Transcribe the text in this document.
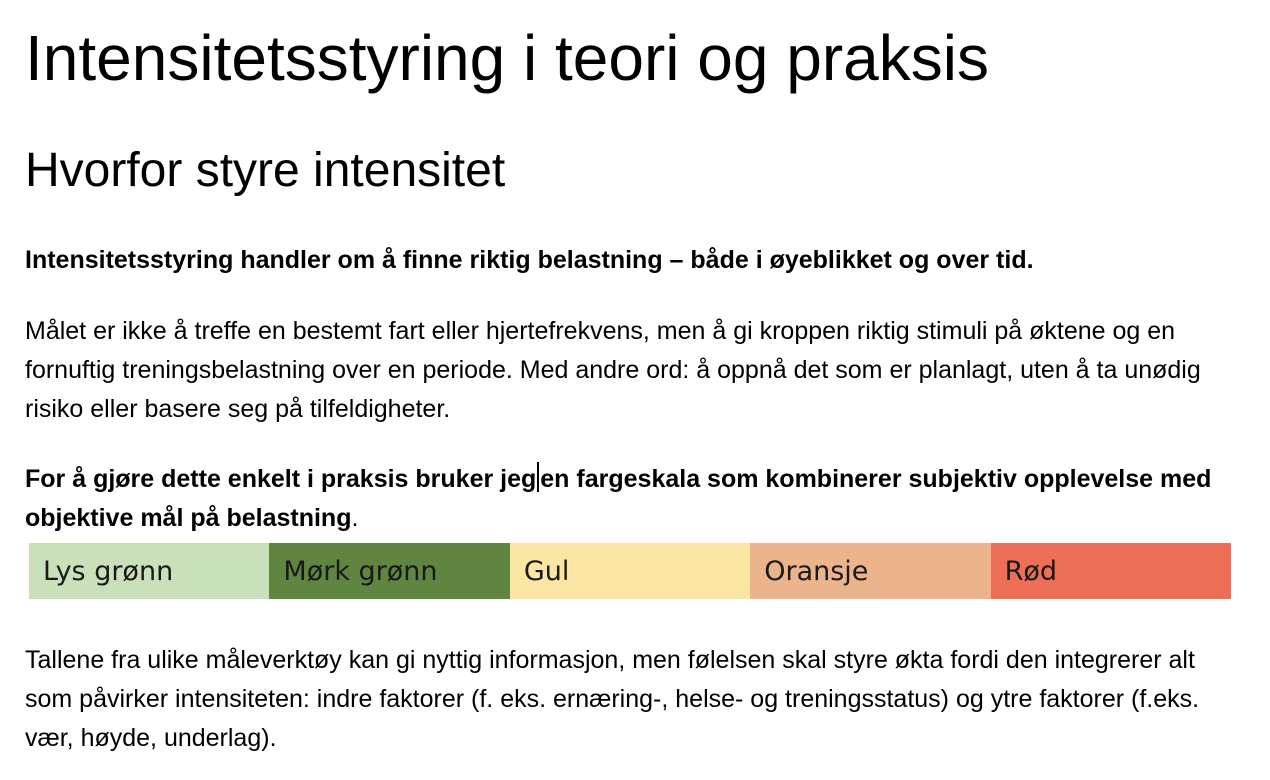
Intensitetsstyring i teori og praksis
Hvorfor styre intensitet

Intensitetsstyring handler om å finne riktig belastning – både i øyeblikket og over tid.

Målet er ikke å treffe en bestemt fart eller hjertefrekvens, men å gi kroppen riktig stimuli på øktene og en fornuftig treningsbelastning over en periode. Med andre ord: å oppnå det som er planlagt, uten å ta unødig risiko eller basere seg på tilfeldigheter.

For å gjøre dette enkelt i praksis bruker jeg en fargeskala som kombinerer subjektiv opplevelse med objektive mål på belastning.

Lys grønn	Mørk grønn	Gul	Oransje	Rød

Tallene fra ulike måleverktøy kan gi nyttig informasjon, men følelsen skal styre økta fordi den integrerer alt som påvirker intensiteten: indre faktorer (f. eks. ernæring-, helse- og treningsstatus) og ytre faktorer (f.eks. vær, høyde, underlag).
